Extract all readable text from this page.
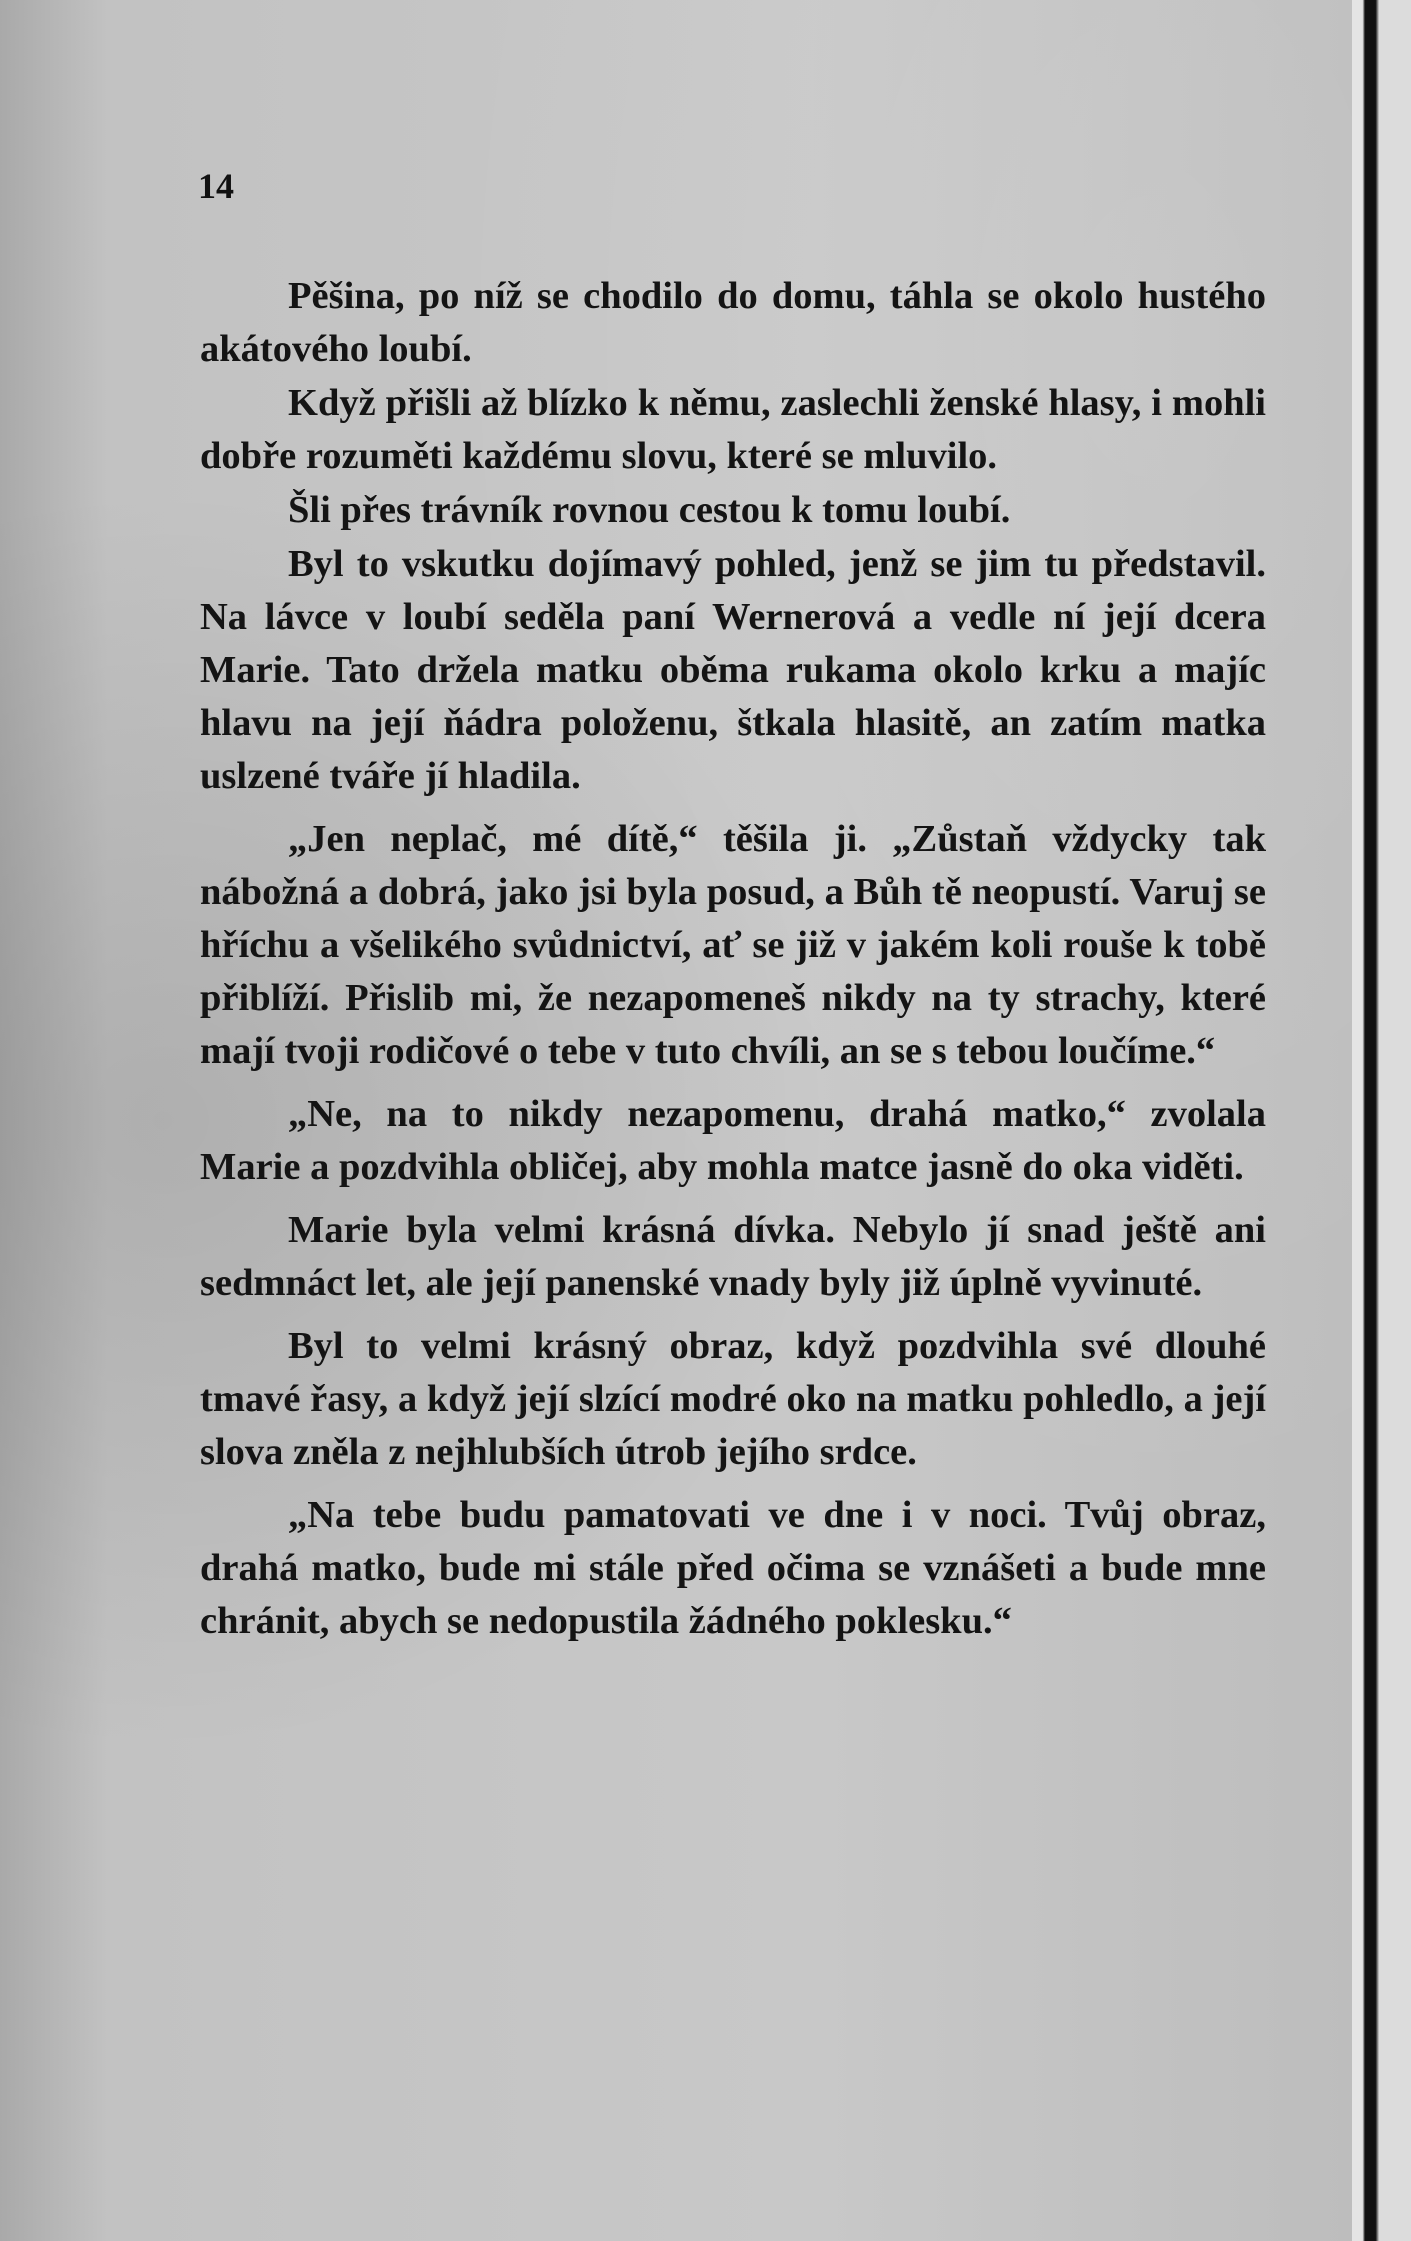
14

Pěšina, po níž se chodilo do domu, táhla se okolo hustého akátového loubí.

Když přišli až blízko k němu, zaslechli ženské hlasy, i mohli dobře rozuměti každému slovu, které se mluvilo.

Šli přes trávník rovnou cestou k tomu loubí.

Byl to vskutku dojímavý pohled, jenž se jim tu představil. Na lávce v loubí seděla paní Wernerová a vedle ní její dcera Marie. Tato držela matku oběma rukama okolo krku a majíc hlavu na její ňádra položenu, štkala hlasitě, an zatím matka uslzené tváře jí hladila.

„Jen neplač, mé dítě,“ těšila ji. „Zůstaň vždycky tak nábožná a dobrá, jako jsi byla posud, a Bůh tě neopustí. Varuj se hříchu a všelikého svůdnictví, ať se již v jakém koli rouše k tobě přiblíží. Přislib mi, že nezapomeneš nikdy na ty strachy, které mají tvoji rodičové o tebe v tuto chvíli, an se s tebou loučíme.“

„Ne, na to nikdy nezapomenu, drahá matko,“ zvolala Marie a pozdvihla obličej, aby mohla matce jasně do oka viděti.

Marie byla velmi krásná dívka. Nebylo jí snad ještě ani sedmnáct let, ale její panenské vnady byly již úplně vyvinuté.

Byl to velmi krásný obraz, když pozdvihla své dlouhé tmavé řasy, a když její slzící modré oko na matku pohledlo, a její slova zněla z nejhlubších útrob jejího srdce.

„Na tebe budu pamatovati ve dne i v noci. Tvůj obraz, drahá matko, bude mi stále před očima se vznášeti a bude mne chránit, abych se nedopustila žádného poklesku.“
